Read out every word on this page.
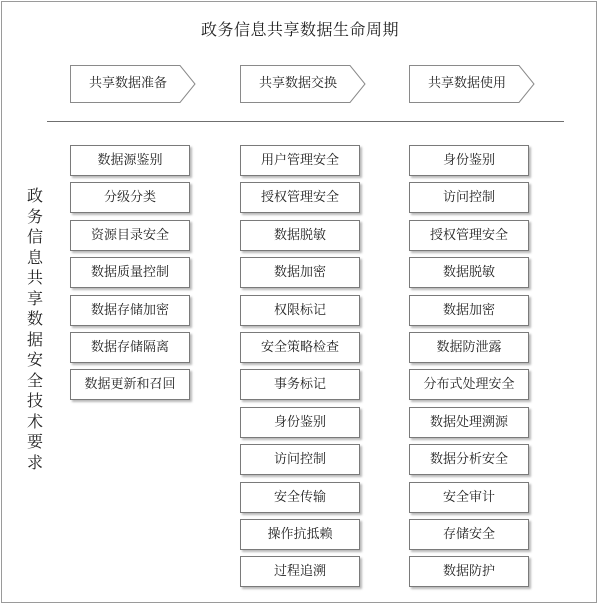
政务信息共享数据生命周期
共享数据准备	共享数据交换	共享数据使用
政务信息共享数据安全技术要求
数据源鉴别
分级分类
资源目录安全
数据质量控制
数据存储加密
数据存储隔离
数据更新和召回
用户管理安全
授权管理安全
数据脱敏
数据加密
权限标记
安全策略检查
事务标记
身份鉴别
访问控制
安全传输
操作抗抵赖
过程追溯
身份鉴别
访问控制
授权管理安全
数据脱敏
数据加密
数据防泄露
分布式处理安全
数据处理溯源
数据分析安全
安全审计
存储安全
数据防护
